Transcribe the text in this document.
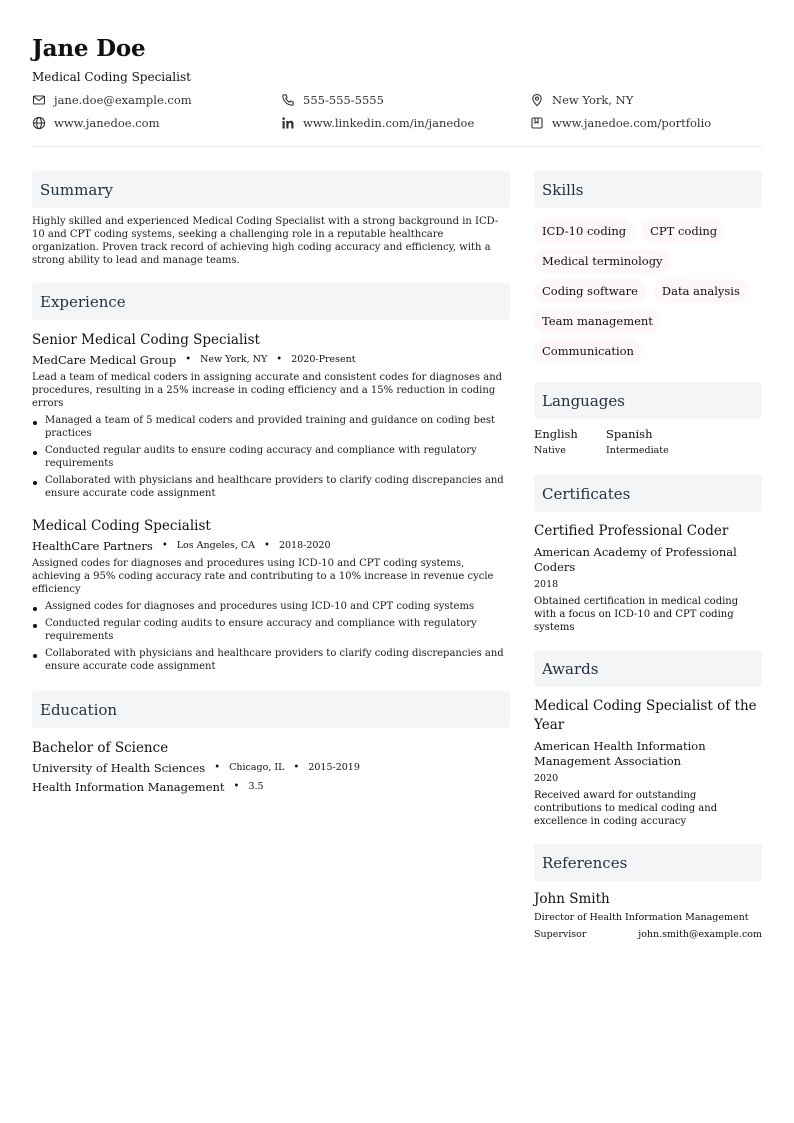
Jane Doe
Medical Coding Specialist
jane.doe@example.com	555-555-5555	New York, NY
www.janedoe.com	www.linkedin.com/in/janedoe	www.janedoe.com/portfolio
Summary

Highly skilled and experienced Medical Coding Specialist with a strong background in ICD-10 and CPT coding systems, seeking a challenging role in a reputable healthcare organization. Proven track record of achieving high coding accuracy and efficiency, with a strong ability to lead and manage teams.

Experience
Senior Medical Coding Specialist
MedCare Medical Group • New York, NY • 2020-Present

Lead a team of medical coders in assigning accurate and consistent codes for diagnoses and procedures, resulting in a 25% increase in coding efficiency and a 15% reduction in coding errors

Managed a team of 5 medical coders and provided training and guidance on coding best practices
Conducted regular audits to ensure coding accuracy and compliance with regulatory requirements
Collaborated with physicians and healthcare providers to clarify coding discrepancies and ensure accurate code assignment
Medical Coding Specialist
HealthCare Partners • Los Angeles, CA • 2018-2020

Assigned codes for diagnoses and procedures using ICD-10 and CPT coding systems, achieving a 95% coding accuracy rate and contributing to a 10% increase in revenue cycle efficiency

Assigned codes for diagnoses and procedures using ICD-10 and CPT coding systems
Conducted regular coding audits to ensure accuracy and compliance with regulatory requirements
Collaborated with physicians and healthcare providers to clarify coding discrepancies and ensure accurate code assignment
Education
Bachelor of Science
University of Health Sciences • Chicago, IL • 2015-2019
Health Information Management • 3.5
Skills
ICD-10 coding	CPT coding
Medical terminology
Coding software	Data analysis
Team management
Communication
Languages
English
Native
Spanish
Intermediate
Certificates
Certified Professional Coder
American Academy of Professional Coders
2018
Obtained certification in medical coding with a focus on ICD-10 and CPT coding systems
Awards
Medical Coding Specialist of the Year
American Health Information Management Association
2020
Received award for outstanding contributions to medical coding and excellence in coding accuracy
References
John Smith
Director of Health Information Management
Supervisor	john.smith@example.com
